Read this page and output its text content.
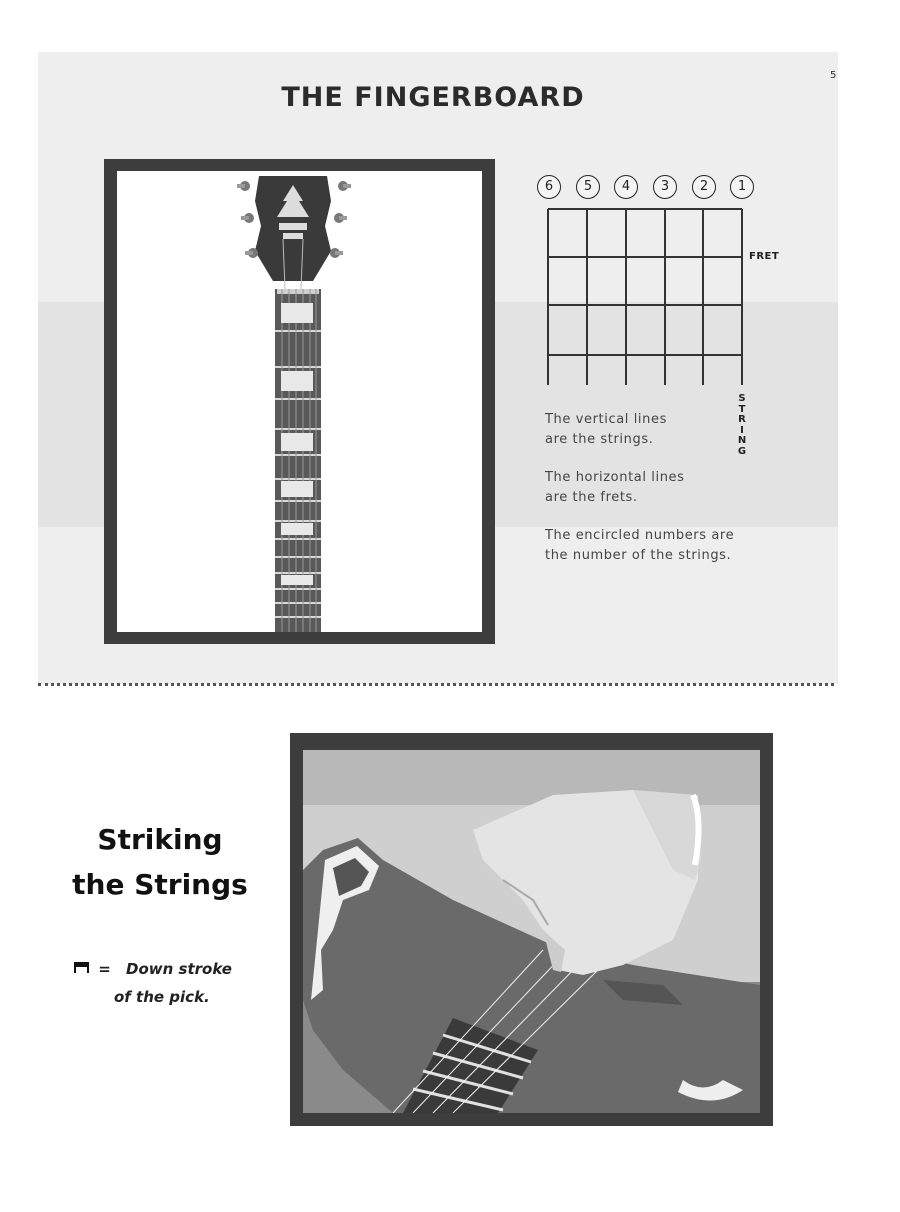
5
THE FINGERBOARD
6	5	4	3	2	1
FRET
S
T
R
I
N
G
The vertical lines
are the strings.
The horizontal lines
are the frets.
The encircled numbers are
the number of the strings.
Striking
the Strings
= Down stroke
of the pick.
